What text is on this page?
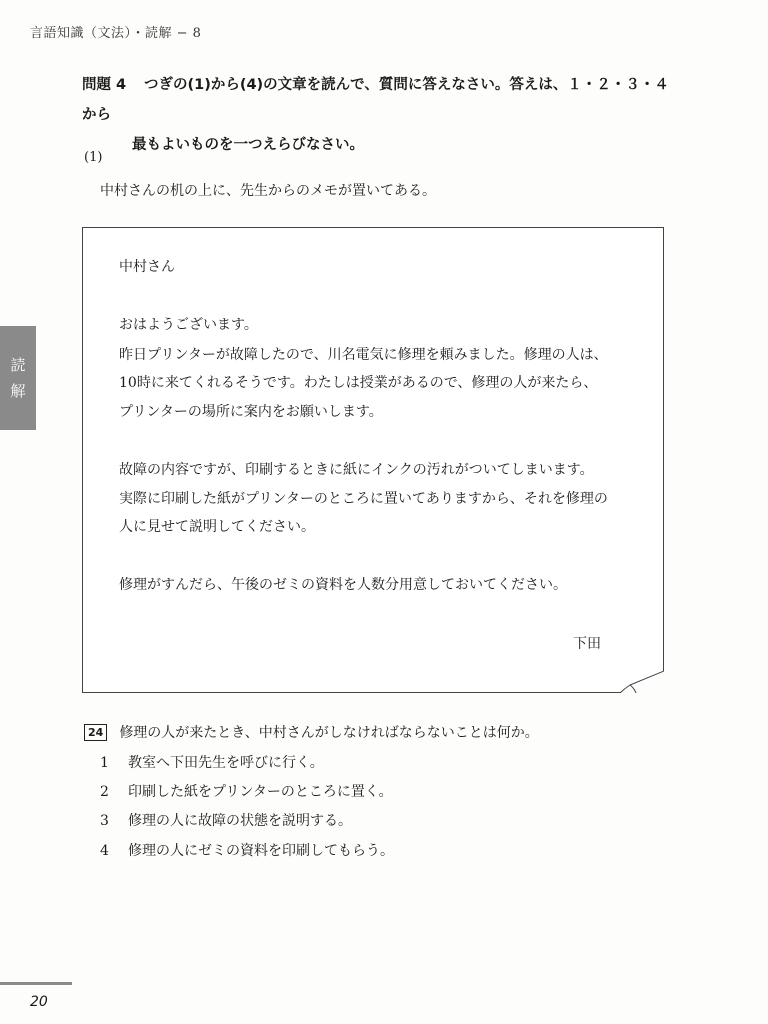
言語知識（文法）・読解 − 8
読
解
問題 4 つぎの(1)から(4)の文章を読んで、質問に答えなさい。答えは、１・２・３・４から
最もよいものを一つえらびなさい。
(1)
中村さんの机の上に、先生からのメモが置いてある。

中村さん

おはようございます。

昨日プリンターが故障したので、川名電気に修理を頼みました。修理の人は、

10時に来てくれるそうです。わたしは授業があるので、修理の人が来たら、

プリンターの場所に案内をお願いします。

故障の内容ですが、印刷するときに紙にインクの汚れがついてしまいます。

実際に印刷した紙がプリンターのところに置いてありますから、それを修理の

人に見せて説明してください。

修理がすんだら、午後のゼミの資料を人数分用意しておいてください。

下田

24 修理の人が来たとき、中村さんがしなければならないことは何か。
1 教室へ下田先生を呼びに行く。
2 印刷した紙をプリンターのところに置く。
3 修理の人に故障の状態を説明する。
4 修理の人にゼミの資料を印刷してもらう。
20
